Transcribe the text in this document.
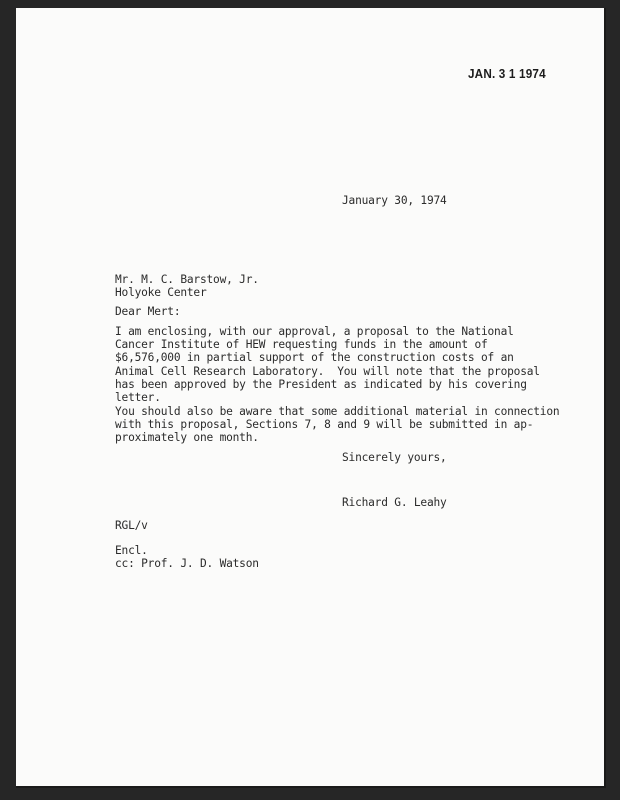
JAN. 3 1 1974
January 30, 1974
Mr. M. C. Barstow, Jr.
Holyoke Center
Dear Mert:
I am enclosing, with our approval, a proposal to the National
Cancer Institute of HEW requesting funds in the amount of
$6,576,000 in partial support of the construction costs of an
Animal Cell Research Laboratory.  You will note that the proposal
has been approved by the President as indicated by his covering
letter.
You should also be aware that some additional material in connection
with this proposal, Sections 7, 8 and 9 will be submitted in ap-
proximately one month.
Sincerely yours,
Richard G. Leahy
RGL/v
Encl.
cc: Prof. J. D. Watson
